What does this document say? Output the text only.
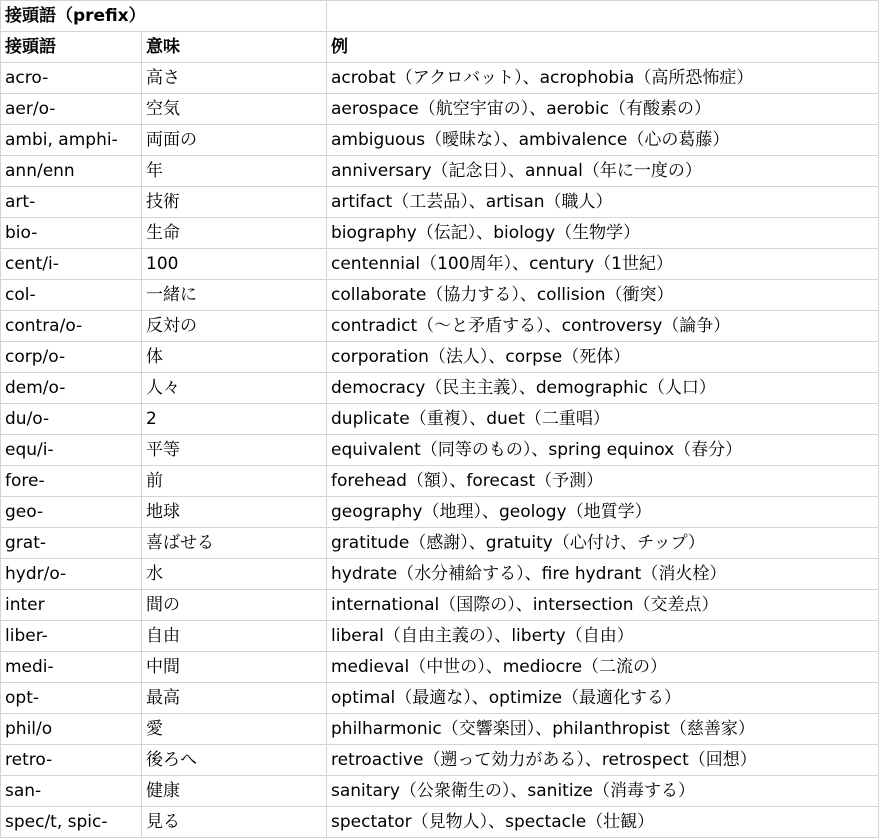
接頭語（prefix）		
接頭語	意味	例
acro-	高さ	acrobat（アクロバット）、acrophobia（高所恐怖症）
aer/o-	空気	aerospace（航空宇宙の）、aerobic（有酸素の）
ambi, amphi-	両面の	ambiguous（曖昧な）、ambivalence（心の葛藤）
ann/enn	年	anniversary（記念日）、annual（年に一度の）
art-	技術	artifact（工芸品）、artisan（職人）
bio-	生命	biography（伝記）、biology（生物学）
cent/i-	100	centennial（100周年）、century（1世紀）
col-	一緒に	collaborate（協力する）、collision（衝突）
contra/o-	反対の	contradict（～と矛盾する）、controversy（論争）
corp/o-	体	corporation（法人）、corpse（死体）
dem/o-	人々	democracy（民主主義）、demographic（人口）
du/o-	2	duplicate（重複）、duet（二重唱）
equ/i-	平等	equivalent（同等のもの）、spring equinox（春分）
fore-	前	forehead（額）、forecast（予測）
geo-	地球	geography（地理）、geology（地質学）
grat-	喜ばせる	gratitude（感謝）、gratuity（心付け、チップ）
hydr/o-	水	hydrate（水分補給する）、fire hydrant（消火栓）
inter	間の	international（国際の）、intersection（交差点）
liber-	自由	liberal（自由主義の）、liberty（自由）
medi-	中間	medieval（中世の）、mediocre（二流の）
opt-	最高	optimal（最適な）、optimize（最適化する）
phil/o	愛	philharmonic（交響楽団）、philanthropist（慈善家）
retro-	後ろへ	retroactive（遡って効力がある）、retrospect（回想）
san-	健康	sanitary（公衆衛生の）、sanitize（消毒する）
spec/t, spic-	見る	spectator（見物人）、spectacle（壮観）
